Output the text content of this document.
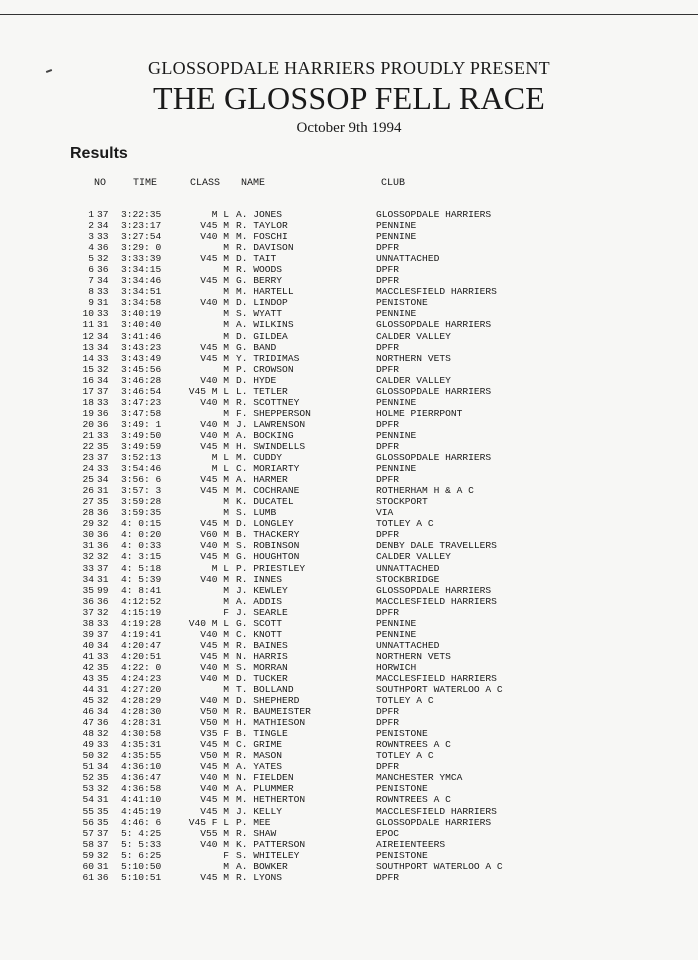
GLOSSOPDALE HARRIERS PROUDLY PRESENT
THE GLOSSOP FELL RACE
October 9th 1994
Results
NO	TIME	CLASS NAME	CLUB
1 37 3:22:35	M L A. JONES	GLOSSOPDALE HARRIERS
2 34 3:23:17	V45 M R. TAYLOR	PENNINE
3 33 3:27:54	V40 M M. FOSCHI	PENNINE
4 36 3:29: 0	M R. DAVISON	DPFR
5 32 3:33:39	V45 M D. TAIT	UNNATTACHED
6 36 3:34:15	M R. WOODS	DPFR
7 34 3:34:46	V45 M G. BERRY	DPFR
8 33 3:34:51	M M. HARTELL	MACCLESFIELD HARRIERS
9 31 3:34:58	V40 M D. LINDOP	PENISTONE
10 33 3:40:19	M S. WYATT	PENNINE
11 31 3:40:40	M A. WILKINS	GLOSSOPDALE HARRIERS
12 34 3:41:46	M D. GILDEA	CALDER VALLEY
13 34 3:43:23	V45 M G. BAND	DPFR
14 33 3:43:49	V45 M Y. TRIDIMAS	NORTHERN VETS
15 32 3:45:56	M P. CROWSON	DPFR
16 34 3:46:28	V40 M D. HYDE	CALDER VALLEY
17 37 3:46:54	V45 M L L. TETLER	GLOSSOPDALE HARRIERS
18 33 3:47:23	V40 M R. SCOTTNEY	PENNINE
19 36 3:47:58	M F. SHEPPERSON	HOLME PIERRPONT
20 36 3:49: 1	V40 M J. LAWRENSON	DPFR
21 33 3:49:50	V40 M A. BOCKING	PENNINE
22 35 3:49:59	V45 M H. SWINDELLS	DPFR
23 37 3:52:13	M L M. CUDDY	GLOSSOPDALE HARRIERS
24 33 3:54:46	M L C. MORIARTY	PENNINE
25 34 3:56: 6	V45 M A. HARMER	DPFR
26 31 3:57: 3	V45 M M. COCHRANE	ROTHERHAM H & A C
27 35 3:59:28	M K. DUCATEL	STOCKPORT
28 36 3:59:35	M S. LUMB	VIA
29 32 4: 0:15	V45 M D. LONGLEY	TOTLEY A C
30 36 4: 0:20	V60 M B. THACKERY	DPFR
31 36 4: 0:33	V40 M S. ROBINSON	DENBY DALE TRAVELLERS
32 32 4: 3:15	V45 M G. HOUGHTON	CALDER VALLEY
33 37 4: 5:18	M L P. PRIESTLEY	UNNATTACHED
34 31 4: 5:39	V40 M R. INNES	STOCKBRIDGE
35 99 4: 8:41	M J. KEWLEY	GLOSSOPDALE HARRIERS
36 36 4:12:52	M A. ADDIS	MACCLESFIELD HARRIERS
37 32 4:15:19	F J. SEARLE	DPFR
38 33 4:19:28	V40 M L G. SCOTT	PENNINE
39 37 4:19:41	V40 M C. KNOTT	PENNINE
40 34 4:20:47	V45 M R. BAINES	UNNATTACHED
41 33 4:20:51	V45 M N. HARRIS	NORTHERN VETS
42 35 4:22: 0	V40 M S. MORRAN	HORWICH
43 35 4:24:23	V40 M D. TUCKER	MACCLESFIELD HARRIERS
44 31 4:27:20	M T. BOLLAND	SOUTHPORT WATERLOO A C
45 32 4:28:29	V40 M D. SHEPHERD	TOTLEY A C
46 34 4:28:30	V50 M R. BAUMEISTER	DPFR
47 36 4:28:31	V50 M H. MATHIESON	DPFR
48 32 4:30:58	V35 F B. TINGLE	PENISTONE
49 33 4:35:31	V45 M C. GRIME	ROWNTREES A C
50 32 4:35:55	V50 M R. MASON	TOTLEY A C
51 34 4:36:10	V45 M A. YATES	DPFR
52 35 4:36:47	V40 M N. FIELDEN	MANCHESTER YMCA
53 32 4:36:58	V40 M A. PLUMMER	PENISTONE
54 31 4:41:10	V45 M M. HETHERTON	ROWNTREES A C
55 35 4:45:19	V45 M J. KELLY	MACCLESFIELD HARRIERS
56 35 4:46: 6	V45 F L P. MEE	GLOSSOPDALE HARRIERS
57 37 5: 4:25	V55 M R. SHAW	EPOC
58 37 5: 5:33	V40 M K. PATTERSON	AIREIENTEERS
59 32 5: 6:25	F S. WHITELEY	PENISTONE
60 31 5:10:50	M A. BOWKER	SOUTHPORT WATERLOO A C
61 36 5:10:51	V45 M R. LYONS	DPFR
